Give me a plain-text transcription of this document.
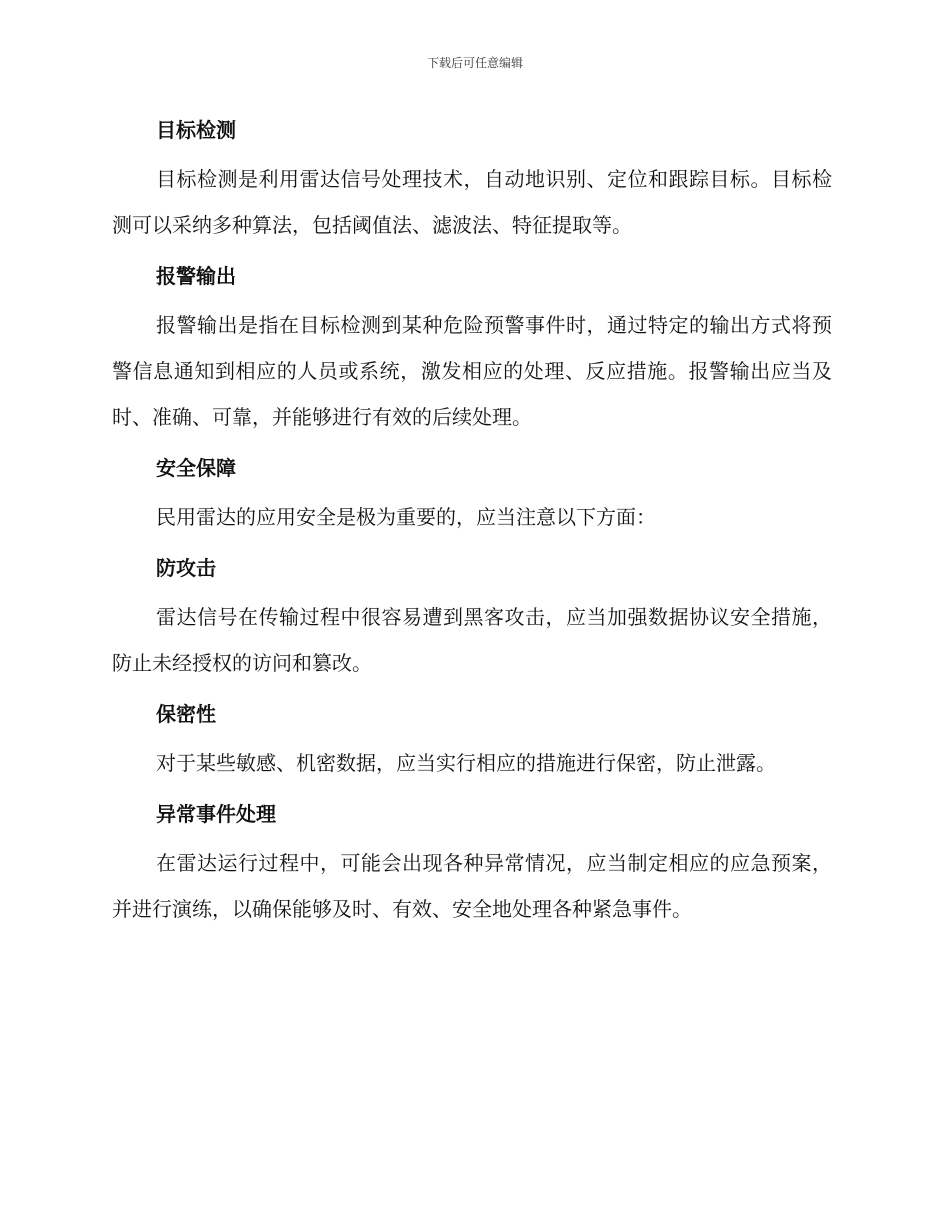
下载后可任意编辑
目标检测

目标检测是利用雷达信号处理技术，自动地识别、定位和跟踪目标。目标检测可以采纳多种算法，包括阈值法、滤波法、特征提取等。

报警输出

报警输出是指在目标检测到某种危险预警事件时，通过特定的输出方式将预警信息通知到相应的人员或系统，激发相应的处理、反应措施。报警输出应当及时、准确、可靠，并能够进行有效的后续处理。

安全保障

民用雷达的应用安全是极为重要的，应当注意以下方面：

防攻击

雷达信号在传输过程中很容易遭到黑客攻击，应当加强数据协议安全措施，防止未经授权的访问和篡改。

保密性

对于某些敏感、机密数据，应当实行相应的措施进行保密，防止泄露。

异常事件处理

在雷达运行过程中，可能会出现各种异常情况，应当制定相应的应急预案，并进行演练，以确保能够及时、有效、安全地处理各种紧急事件。
